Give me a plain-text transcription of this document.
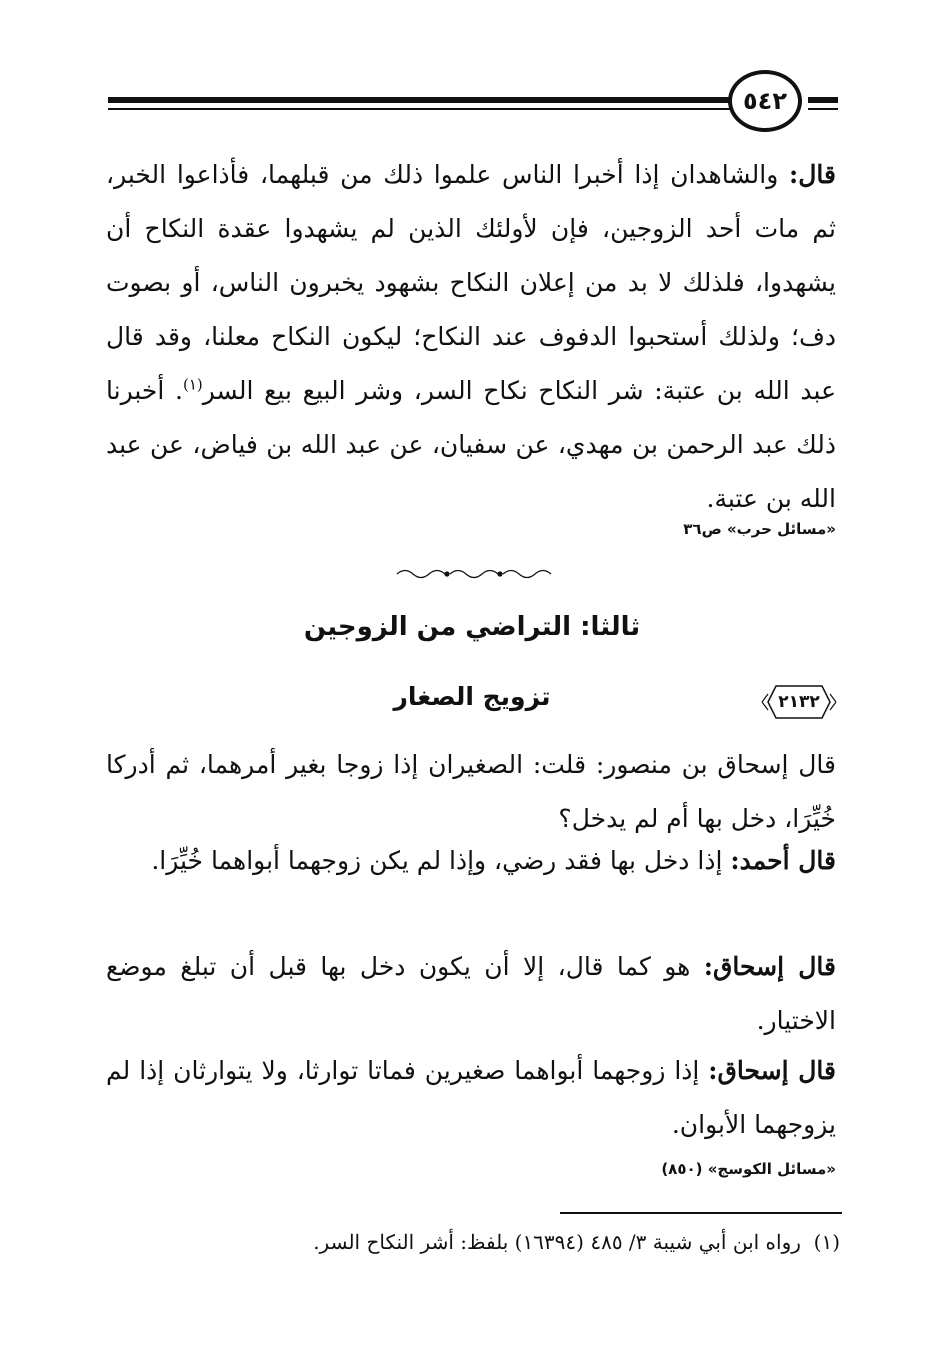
٥٤٢

قال: والشاهدان إذا أخبرا الناس علموا ذلك من قبلهما، فأذاعوا الخبر، ثم مات أحد الزوجين، فإن لأولئك الذين لم يشهدوا عقدة النكاح أن يشهدوا، فلذلك لا بد من إعلان النكاح بشهود يخبرون الناس، أو بصوت دف؛ ولذلك أستحبوا الدفوف عند النكاح؛ ليكون النكاح معلنا، وقد قال عبد الله بن عتبة: شر النكاح نكاح السر، وشر البيع بيع السر$^{(١)}$. أخبرنا ذلك عبد الرحمن بن مهدي، عن سفيان، عن عبد الله بن فياض، عن عبد الله بن عتبة.

«مسائل حرب» ص٣٦
ثالثا: التراضي من الزوجين
٢١٣٢
تزويج الصغار

قال إسحاق بن منصور: قلت: الصغيران إذا زوجا بغير أمرهما، ثم أدركا خُيِّرَا، دخل بها أم لم يدخل؟

قال أحمد: إذا دخل بها فقد رضي، وإذا لم يكن زوجهما أبواهما خُيِّرَا.

قال إسحاق: هو كما قال، إلا أن يكون دخل بها قبل أن تبلغ موضع الاختيار.

قال إسحاق: إذا زوجهما أبواهما صغيرين فماتا توارثا، ولا يتوارثان إذا لم يزوجهما الأبوان.

«مسائل الكوسج» (٨٥٠)
(١)  رواه ابن أبي شيبة ٣/ ٤٨٥ (١٦٣٩٤) بلفظ: أشر النكاح السر.
